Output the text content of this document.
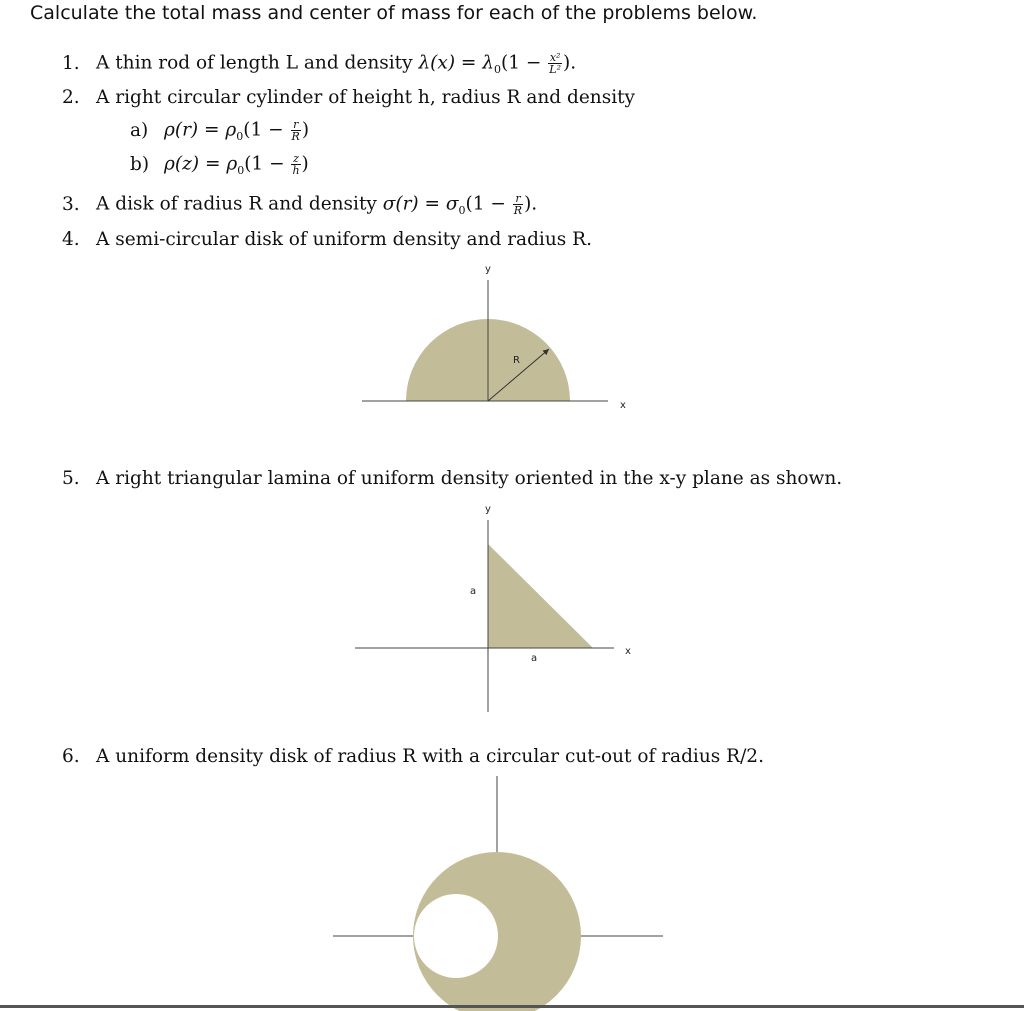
Calculate the total mass and center of mass for each of the problems below.
1. A thin rod of length L and density $\lambda(x) = \lambda_0(1 - \frac{\text{x²}}{\text{L²}}$ ).
2. A right circular cylinder of height h, radius R and density
a) $\rho(r) = \rho_0(1 - \frac{r}{R}$ )
b) $\rho(z) = \rho_0(1 - \frac{z}{h}$ )
3. A disk of radius R and density $\sigma(r) = \sigma_0(1 - \frac{r}{R}$ ).
4. A semi-circular disk of uniform density and radius R.
5. A right triangular lamina of uniform density oriented in the x-y plane as shown.
6. A uniform density disk of radius R with a circular cut-out of radius R/2.
y
x
R
y
x
a
a
